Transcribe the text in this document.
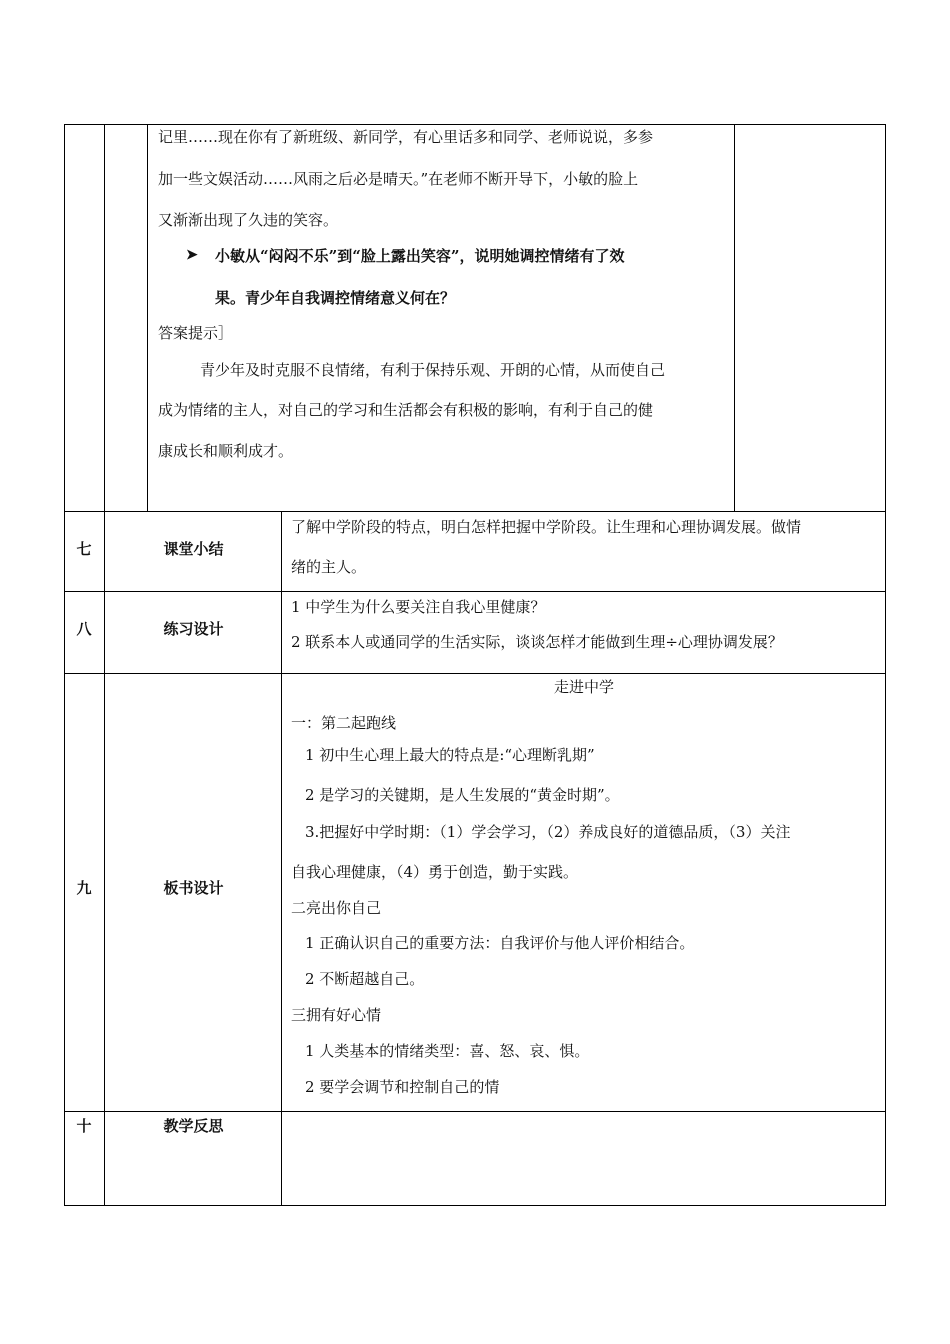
记里……现在你有了新班级、新同学，有心里话多和同学、老师说说，多参
加一些文娱活动……风雨之后必是晴天。”在老师不断开导下，小敏的脸上
又渐渐出现了久违的笑容。
➤ 小敏从“闷闷不乐”到“脸上露出笑容”，说明她调控情绪有了效
果。青少年自我调控情绪意义何在？
答案提示］
青少年及时克服不良情绪，有利于保持乐观、开朗的心情，从而使自己
成为情绪的主人，对自己的学习和生活都会有积极的影响，有利于自己的健
康成长和顺利成才。
七	课堂小结
了解中学阶段的特点，明白怎样把握中学阶段。让生理和心理协调发展。做情
绪的主人。
八	练习设计
1 中学生为什么要关注自我心里健康？
2 联系本人或通同学的生活实际，谈谈怎样才能做到生理÷心理协调发展？
九	板书设计
走进中学
一：第二起跑线
1 初中生心理上最大的特点是:“心理断乳期”
2 是学习的关键期，是人生发展的“黄金时期”。
3.把握好中学时期：（1）学会学习，（2）养成良好的道德品质，（3）关注
自我心理健康，（4）勇于创造，勤于实践。
二亮出你自己
1 正确认识自己的重要方法：自我评价与他人评价相结合。
2 不断超越自己。
三拥有好心情
1 人类基本的情绪类型：喜、怒、哀、惧。
2 要学会调节和控制自己的情
十	教学反思
